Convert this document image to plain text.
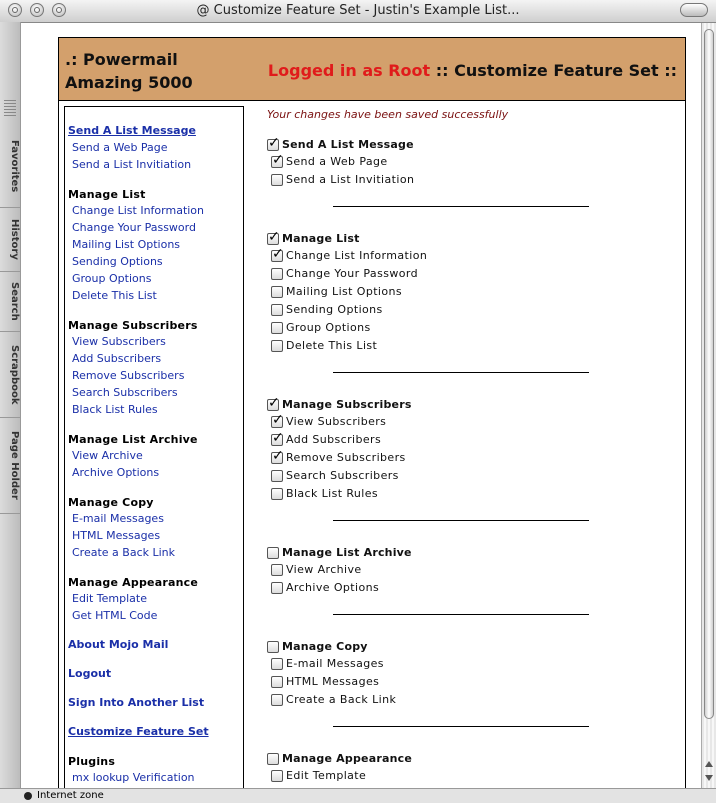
@ Customize Feature Set - Justin's Example List...
Favorites
History
Search
Scrapbook
Page Holder
.: Powermail Amazing 5000
Logged in as Root :: Customize Feature Set ::
Send A List Message
Send a Web Page
Send a List Invitiation
Manage List
Change List Information
Change Your Password
Mailing List Options
Sending Options
Group Options
Delete This List
Manage Subscribers
View Subscribers
Add Subscribers
Remove Subscribers
Search Subscribers
Black List Rules
Manage List Archive
View Archive
Archive Options
Manage Copy
E-mail Messages
HTML Messages
Create a Back Link
Manage Appearance
Edit Template
Get HTML Code
About Mojo Mail
Logout
Sign Into Another List
Customize Feature Set
Plugins
mx lookup Verification
Your changes have been saved successfully
✓
Send A List Message
✓
Send a Web Page
Send a List Invitiation
✓
Manage List
✓
Change List Information
Change Your Password
Mailing List Options
Sending Options
Group Options
Delete This List
✓
Manage Subscribers
✓
View Subscribers
✓
Add Subscribers
✓
Remove Subscribers
Search Subscribers
Black List Rules
Manage List Archive
View Archive
Archive Options
Manage Copy
E-mail Messages
HTML Messages
Create a Back Link
Manage Appearance
Edit Template
Internet zone
